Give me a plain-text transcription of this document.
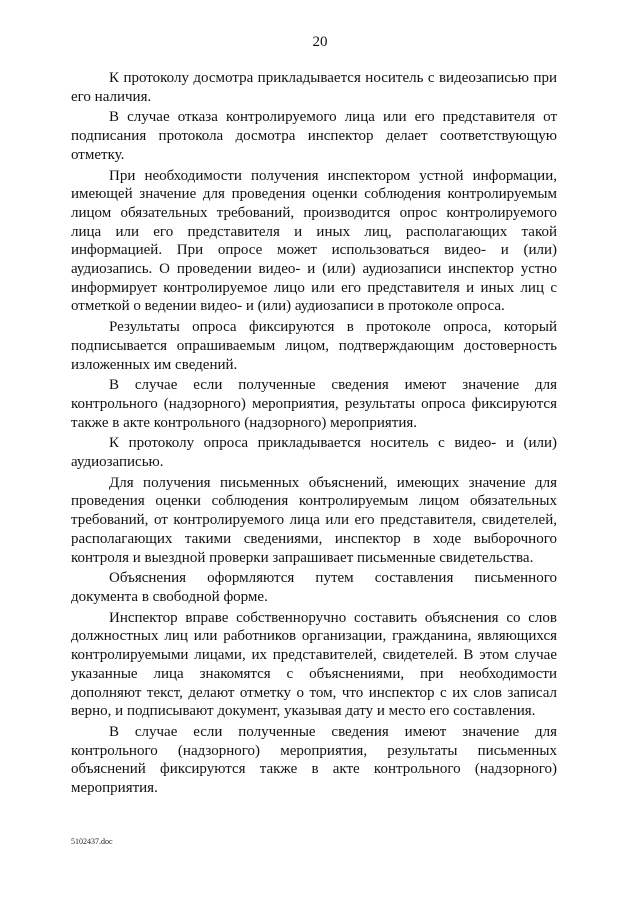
20

К протоколу досмотра прикладывается носитель с видеозаписью при его наличия.

В случае отказа контролируемого лица или его представителя от подписания протокола досмотра инспектор делает соответствующую отметку.

При необходимости получения инспектором устной информации, имеющей значение для проведения оценки соблюдения контролируемым лицом обязательных требований, производится опрос контролируемого лица или его представителя и иных лиц, располагающих такой информацией. При опросе может использоваться видео- и (или) аудиозапись. О проведении видео- и (или) аудиозаписи инспектор устно информирует контролируемое лицо или его представителя и иных лиц с отметкой о ведении видео- и (или) аудиозаписи в протоколе опроса.

Результаты опроса фиксируются в протоколе опроса, который подписывается опрашиваемым лицом, подтверждающим достоверность изложенных им сведений.

В случае если полученные сведения имеют значение для контрольного (надзорного) мероприятия, результаты опроса фиксируются также в акте контрольного (надзорного) мероприятия.

К протоколу опроса прикладывается носитель с видео- и (или) аудиозаписью.

Для получения письменных объяснений, имеющих значение для проведения оценки соблюдения контролируемым лицом обязательных требований, от контролируемого лица или его представителя, свидетелей, располагающих такими сведениями, инспектор в ходе выборочного контроля и выездной проверки запрашивает письменные свидетельства.

Объяснения оформляются путем составления письменного документа в свободной форме.

Инспектор вправе собственноручно составить объяснения со слов должностных лиц или работников организации, гражданина, являющихся контролируемыми лицами, их представителей, свидетелей. В этом случае указанные лица знакомятся с объяснениями, при необходимости дополняют текст, делают отметку о том, что инспектор с их слов записал верно, и подписывают документ, указывая дату и место его составления.

В случае если полученные сведения имеют значение для контрольного (надзорного) мероприятия, результаты письменных объяснений фиксируются также в акте контрольного (надзорного) мероприятия.

5102437.doc
